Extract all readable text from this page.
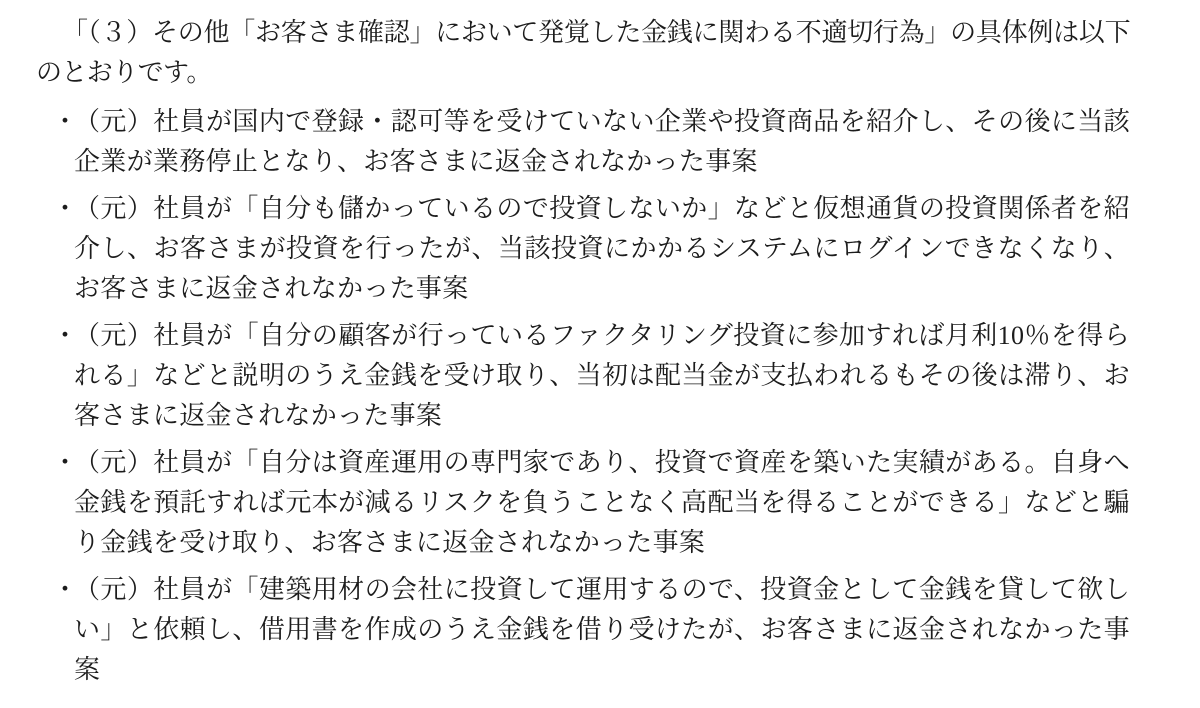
「（３）その他「お客さま確認」において発覚した金銭に関わる不適切行為」の具体例は以下のとおりです。

・
（元）社員が国内で登録・認可等を受けていない企業や投資商品を紹介し、その後に当該企業が業務停止となり、お客さまに返金されなかった事案
・
（元）社員が「自分も儲かっているので投資しないか」などと仮想通貨の投資関係者を紹介し、お客さまが投資を行ったが、当該投資にかかるシステムにログインできなくなり、お客さまに返金されなかった事案
・
（元）社員が「自分の顧客が行っているファクタリング投資に参加すれば月利10％を得られる」などと説明のうえ金銭を受け取り、当初は配当金が支払われるもその後は滞り、お客さまに返金されなかった事案
・
（元）社員が「自分は資産運用の専門家であり、投資で資産を築いた実績がある。自身へ金銭を預託すれば元本が減るリスクを負うことなく高配当を得ることができる」などと騙り金銭を受け取り、お客さまに返金されなかった事案
・
（元）社員が「建築用材の会社に投資して運用するので、投資金として金銭を貸して欲しい」と依頼し、借用書を作成のうえ金銭を借り受けたが、お客さまに返金されなかった事案
